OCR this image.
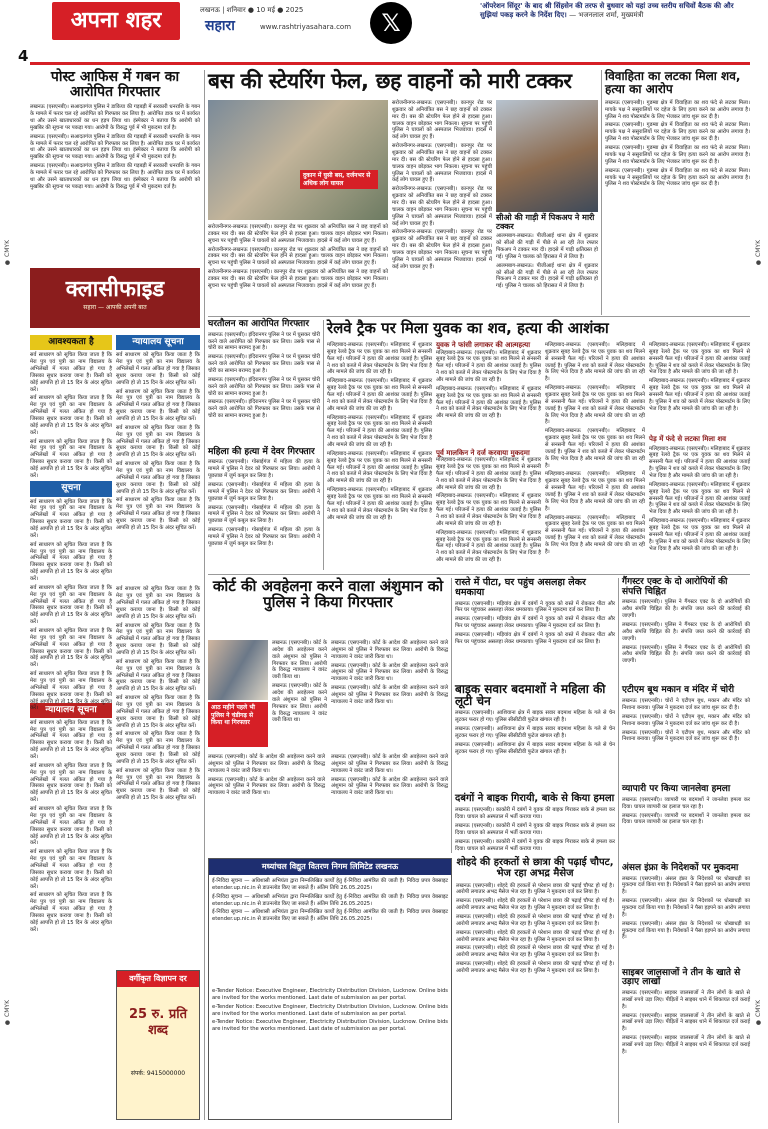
● CMYK
● CMYK
● CMYK
● CMYK
अपना शहर
4
लखनऊ | शनिवार ● 10 मई ● 2025
सहारा	www.rashtriyasahara.com	𝕏
'ऑपरेशन सिंदूर' के बाद श्री सिंहसेन की तरफ से बुधवार को यहां उच्च स्तरीय सचिवों बैठक की और सुझियां पकड़ करने के निर्देश दिए। — भजनलाल शर्मा, मुख्यमंत्री
पोस्ट आफिस में गबन का आरोपित गिरफ्तार

लखनऊ (एसएनबी)। सआदतगंज पुलिस ने डाकिया की गड़बड़ी में सरकारी धनराशि के गबन के मामले में फरार चल रहे आरोपित को गिरफ्तार कर लिया है। आरोपित डाक घर में कार्यरत था और उसने खाताधारकों का धन हड़प लिया था। इंस्पेक्टर ने बताया कि आरोपी को मुखबिर की सूचना पर पकड़ा गया। आरोपी के विरुद्ध पूर्व में भी मुकदमा दर्ज है।

लखनऊ (एसएनबी)। सआदतगंज पुलिस ने डाकिया की गड़बड़ी में सरकारी धनराशि के गबन के मामले में फरार चल रहे आरोपित को गिरफ्तार कर लिया है। आरोपित डाक घर में कार्यरत था और उसने खाताधारकों का धन हड़प लिया था। इंस्पेक्टर ने बताया कि आरोपी को मुखबिर की सूचना पर पकड़ा गया। आरोपी के विरुद्ध पूर्व में भी मुकदमा दर्ज है।

लखनऊ (एसएनबी)। सआदतगंज पुलिस ने डाकिया की गड़बड़ी में सरकारी धनराशि के गबन के मामले में फरार चल रहे आरोपित को गिरफ्तार कर लिया है। आरोपित डाक घर में कार्यरत था और उसने खाताधारकों का धन हड़प लिया था। इंस्पेक्टर ने बताया कि आरोपी को मुखबिर की सूचना पर पकड़ा गया। आरोपी के विरुद्ध पूर्व में भी मुकदमा दर्ज है।

क्लासीफाइड
सहारा — आपकी अपनी बात
आवश्यकता है

सर्व साधारण को सूचित किया जाता है कि मेरा पुत्र एवं पुत्री का नाम विद्यालय के अभिलेखों में गलत अंकित हो गया है जिसका सुधार कराया जाना है। किसी को कोई आपत्ति हो तो 15 दिन के अंदर सूचित करें।

सर्व साधारण को सूचित किया जाता है कि मेरा पुत्र एवं पुत्री का नाम विद्यालय के अभिलेखों में गलत अंकित हो गया है जिसका सुधार कराया जाना है। किसी को कोई आपत्ति हो तो 15 दिन के अंदर सूचित करें।

सर्व साधारण को सूचित किया जाता है कि मेरा पुत्र एवं पुत्री का नाम विद्यालय के अभिलेखों में गलत अंकित हो गया है जिसका सुधार कराया जाना है। किसी को कोई आपत्ति हो तो 15 दिन के अंदर सूचित करें।

सूचना

सर्व साधारण को सूचित किया जाता है कि मेरा पुत्र एवं पुत्री का नाम विद्यालय के अभिलेखों में गलत अंकित हो गया है जिसका सुधार कराया जाना है। किसी को कोई आपत्ति हो तो 15 दिन के अंदर सूचित करें।

सर्व साधारण को सूचित किया जाता है कि मेरा पुत्र एवं पुत्री का नाम विद्यालय के अभिलेखों में गलत अंकित हो गया है जिसका सुधार कराया जाना है। किसी को कोई आपत्ति हो तो 15 दिन के अंदर सूचित करें।

सर्व साधारण को सूचित किया जाता है कि मेरा पुत्र एवं पुत्री का नाम विद्यालय के अभिलेखों में गलत अंकित हो गया है जिसका सुधार कराया जाना है। किसी को कोई आपत्ति हो तो 15 दिन के अंदर सूचित करें।

सर्व साधारण को सूचित किया जाता है कि मेरा पुत्र एवं पुत्री का नाम विद्यालय के अभिलेखों में गलत अंकित हो गया है जिसका सुधार कराया जाना है। किसी को कोई आपत्ति हो तो 15 दिन के अंदर सूचित करें।

सर्व साधारण को सूचित किया जाता है कि मेरा पुत्र एवं पुत्री का नाम विद्यालय के अभिलेखों में गलत अंकित हो गया है जिसका सुधार कराया जाना है। किसी को कोई आपत्ति हो तो 15 दिन के अंदर सूचित करें। न्यायालय सूचना

सर्व साधारण को सूचित किया जाता है कि मेरा पुत्र एवं पुत्री का नाम विद्यालय के अभिलेखों में गलत अंकित हो गया है जिसका सुधार कराया जाना है। किसी को कोई आपत्ति हो तो 15 दिन के अंदर सूचित करें।

सर्व साधारण को सूचित किया जाता है कि मेरा पुत्र एवं पुत्री का नाम विद्यालय के अभिलेखों में गलत अंकित हो गया है जिसका सुधार कराया जाना है। किसी को कोई आपत्ति हो तो 15 दिन के अंदर सूचित करें।

सर्व साधारण को सूचित किया जाता है कि मेरा पुत्र एवं पुत्री का नाम विद्यालय के अभिलेखों में गलत अंकित हो गया है जिसका सुधार कराया जाना है। किसी को कोई आपत्ति हो तो 15 दिन के अंदर सूचित करें।

सर्व साधारण को सूचित किया जाता है कि मेरा पुत्र एवं पुत्री का नाम विद्यालय के अभिलेखों में गलत अंकित हो गया है जिसका सुधार कराया जाना है। किसी को कोई आपत्ति हो तो 15 दिन के अंदर सूचित करें।

सर्व साधारण को सूचित किया जाता है कि मेरा पुत्र एवं पुत्री का नाम विद्यालय के अभिलेखों में गलत अंकित हो गया है जिसका सुधार कराया जाना है। किसी को कोई आपत्ति हो तो 15 दिन के अंदर सूचित करें।

न्यायालय सूचना

सर्व साधारण को सूचित किया जाता है कि मेरा पुत्र एवं पुत्री का नाम विद्यालय के अभिलेखों में गलत अंकित हो गया है जिसका सुधार कराया जाना है। किसी को कोई आपत्ति हो तो 15 दिन के अंदर सूचित करें।

सर्व साधारण को सूचित किया जाता है कि मेरा पुत्र एवं पुत्री का नाम विद्यालय के अभिलेखों में गलत अंकित हो गया है जिसका सुधार कराया जाना है। किसी को कोई आपत्ति हो तो 15 दिन के अंदर सूचित करें।

सर्व साधारण को सूचित किया जाता है कि मेरा पुत्र एवं पुत्री का नाम विद्यालय के अभिलेखों में गलत अंकित हो गया है जिसका सुधार कराया जाना है। किसी को कोई आपत्ति हो तो 15 दिन के अंदर सूचित करें।

सर्व साधारण को सूचित किया जाता है कि मेरा पुत्र एवं पुत्री का नाम विद्यालय के अभिलेखों में गलत अंकित हो गया है जिसका सुधार कराया जाना है। किसी को कोई आपत्ति हो तो 15 दिन के अंदर सूचित करें।

सर्व साधारण को सूचित किया जाता है कि मेरा पुत्र एवं पुत्री का नाम विद्यालय के अभिलेखों में गलत अंकित हो गया है जिसका सुधार कराया जाना है। किसी को कोई आपत्ति हो तो 15 दिन के अंदर सूचित करें।

सर्व साधारण को सूचित किया जाता है कि मेरा पुत्र एवं पुत्री का नाम विद्यालय के अभिलेखों में गलत अंकित हो गया है जिसका सुधार कराया जाना है। किसी को कोई आपत्ति हो तो 15 दिन के अंदर सूचित करें।

सर्व साधारण को सूचित किया जाता है कि मेरा पुत्र एवं पुत्री का नाम विद्यालय के अभिलेखों में गलत अंकित हो गया है जिसका सुधार कराया जाना है। किसी को कोई आपत्ति हो तो 15 दिन के अंदर सूचित करें।

सर्व साधारण को सूचित किया जाता है कि मेरा पुत्र एवं पुत्री का नाम विद्यालय के अभिलेखों में गलत अंकित हो गया है जिसका सुधार कराया जाना है। किसी को कोई आपत्ति हो तो 15 दिन के अंदर सूचित करें।

सर्व साधारण को सूचित किया जाता है कि मेरा पुत्र एवं पुत्री का नाम विद्यालय के अभिलेखों में गलत अंकित हो गया है जिसका सुधार कराया जाना है। किसी को कोई आपत्ति हो तो 15 दिन के अंदर सूचित करें।

सर्व साधारण को सूचित किया जाता है कि मेरा पुत्र एवं पुत्री का नाम विद्यालय के अभिलेखों में गलत अंकित हो गया है जिसका सुधार कराया जाना है। किसी को कोई आपत्ति हो तो 15 दिन के अंदर सूचित करें।

सर्व साधारण को सूचित किया जाता है कि मेरा पुत्र एवं पुत्री का नाम विद्यालय के अभिलेखों में गलत अंकित हो गया है जिसका सुधार कराया जाना है। किसी को कोई आपत्ति हो तो 15 दिन के अंदर सूचित करें।

वर्गीकृत विज्ञापन दर
25 रु. प्रति शब्द
संपर्क: 9415000000
बस की स्टेयरिंग फेल, छह वाहनों को मारी टक्कर
दुकान में घुसी बस, दर्जनभर से अधिक लोग घायल

सरोजनीनगर-लखनऊ (एसएनबी)। कानपुर रोड पर शुक्रवार को अनियंत्रित बस ने छह वाहनों को टक्कर मार दी। बस की स्टेयरिंग फेल होने से हादसा हुआ। चालक वाहन छोड़कर भाग निकला। सूचना पर पहुंची पुलिस ने घायलों को अस्पताल भिजवाया। हादसे में कई लोग घायल हुए हैं।

सरोजनीनगर-लखनऊ (एसएनबी)। कानपुर रोड पर शुक्रवार को अनियंत्रित बस ने छह वाहनों को टक्कर मार दी। बस की स्टेयरिंग फेल होने से हादसा हुआ। चालक वाहन छोड़कर भाग निकला। सूचना पर पहुंची पुलिस ने घायलों को अस्पताल भिजवाया। हादसे में कई लोग घायल हुए हैं।

सरोजनीनगर-लखनऊ (एसएनबी)। कानपुर रोड पर शुक्रवार को अनियंत्रित बस ने छह वाहनों को टक्कर मार दी। बस की स्टेयरिंग फेल होने से हादसा हुआ। चालक वाहन छोड़कर भाग निकला। सूचना पर पहुंची पुलिस ने घायलों को अस्पताल भिजवाया। हादसे में कई लोग घायल हुए हैं।

सरोजनीनगर-लखनऊ (एसएनबी)। कानपुर रोड पर शुक्रवार को अनियंत्रित बस ने छह वाहनों को टक्कर मार दी। बस की स्टेयरिंग फेल होने से हादसा हुआ। चालक वाहन छोड़कर भाग निकला। सूचना पर पहुंची पुलिस ने घायलों को अस्पताल भिजवाया। हादसे में कई लोग घायल हुए हैं।

सरोजनीनगर-लखनऊ (एसएनबी)। कानपुर रोड पर शुक्रवार को अनियंत्रित बस ने छह वाहनों को टक्कर मार दी। बस की स्टेयरिंग फेल होने से हादसा हुआ। चालक वाहन छोड़कर भाग निकला। सूचना पर पहुंची पुलिस ने घायलों को अस्पताल भिजवाया। हादसे में कई लोग घायल हुए हैं।

सरोजनीनगर-लखनऊ (एसएनबी)। कानपुर रोड पर शुक्रवार को अनियंत्रित बस ने छह वाहनों को टक्कर मार दी। बस की स्टेयरिंग फेल होने से हादसा हुआ। चालक वाहन छोड़कर भाग निकला। सूचना पर पहुंची पुलिस ने घायलों को अस्पताल भिजवाया। हादसे में कई लोग घायल हुए हैं।

सरोजनीनगर-लखनऊ (एसएनबी)। कानपुर रोड पर शुक्रवार को अनियंत्रित बस ने छह वाहनों को टक्कर मार दी। बस की स्टेयरिंग फेल होने से हादसा हुआ। चालक वाहन छोड़कर भाग निकला। सूचना पर पहुंची पुलिस ने घायलों को अस्पताल भिजवाया। हादसे में कई लोग घायल हुए हैं।

सीओ की गाड़ी में पिकअप ने मारी टक्कर

आलमबाग-लखनऊ। पीजीआई थाना क्षेत्र में शुक्रवार को सीओ की गाड़ी में पीछे से आ रही तेज रफ्तार पिकअप ने टक्कर मार दी। हादसे में गाड़ी क्षतिग्रस्त हो गई। पुलिस ने चालक को हिरासत में ले लिया है।

आलमबाग-लखनऊ। पीजीआई थाना क्षेत्र में शुक्रवार को सीओ की गाड़ी में पीछे से आ रही तेज रफ्तार पिकअप ने टक्कर मार दी। हादसे में गाड़ी क्षतिग्रस्त हो गई। पुलिस ने चालक को हिरासत में ले लिया है।

विवाहिता का लटका मिला शव, हत्या का आरोप

लखनऊ (एसएनबी)। गुडम्बा क्षेत्र में विवाहिता का शव फंदे से लटका मिला। मायके पक्ष ने ससुरालियों पर दहेज के लिए हत्या करने का आरोप लगाया है। पुलिस ने शव पोस्टमार्टम के लिए भेजकर जांच शुरू कर दी है।

लखनऊ (एसएनबी)। गुडम्बा क्षेत्र में विवाहिता का शव फंदे से लटका मिला। मायके पक्ष ने ससुरालियों पर दहेज के लिए हत्या करने का आरोप लगाया है। पुलिस ने शव पोस्टमार्टम के लिए भेजकर जांच शुरू कर दी है।

लखनऊ (एसएनबी)। गुडम्बा क्षेत्र में विवाहिता का शव फंदे से लटका मिला। मायके पक्ष ने ससुरालियों पर दहेज के लिए हत्या करने का आरोप लगाया है। पुलिस ने शव पोस्टमार्टम के लिए भेजकर जांच शुरू कर दी है।

लखनऊ (एसएनबी)। गुडम्बा क्षेत्र में विवाहिता का शव फंदे से लटका मिला। मायके पक्ष ने ससुरालियों पर दहेज के लिए हत्या करने का आरोप लगाया है। पुलिस ने शव पोस्टमार्टम के लिए भेजकर जांच शुरू कर दी है।

घरतौलन का आरोपित गिरफ्तार

लखनऊ (एसएनबी)। इंदिरानगर पुलिस ने घर में घुसकर चोरी करने वाले आरोपित को गिरफ्तार कर लिया। उसके पास से चोरी का सामान बरामद हुआ है।

लखनऊ (एसएनबी)। इंदिरानगर पुलिस ने घर में घुसकर चोरी करने वाले आरोपित को गिरफ्तार कर लिया। उसके पास से चोरी का सामान बरामद हुआ है।

लखनऊ (एसएनबी)। इंदिरानगर पुलिस ने घर में घुसकर चोरी करने वाले आरोपित को गिरफ्तार कर लिया। उसके पास से चोरी का सामान बरामद हुआ है।

लखनऊ (एसएनबी)। इंदिरानगर पुलिस ने घर में घुसकर चोरी करने वाले आरोपित को गिरफ्तार कर लिया। उसके पास से चोरी का सामान बरामद हुआ है।

महिला की हत्या में देवर गिरफ्तार

लखनऊ (एसएनबी)। गोसाईगंज में महिला की हत्या के मामले में पुलिस ने देवर को गिरफ्तार कर लिया। आरोपी ने पूछताछ में जुर्म कबूल कर लिया है।

लखनऊ (एसएनबी)। गोसाईगंज में महिला की हत्या के मामले में पुलिस ने देवर को गिरफ्तार कर लिया। आरोपी ने पूछताछ में जुर्म कबूल कर लिया है।

लखनऊ (एसएनबी)। गोसाईगंज में महिला की हत्या के मामले में पुलिस ने देवर को गिरफ्तार कर लिया। आरोपी ने पूछताछ में जुर्म कबूल कर लिया है।

लखनऊ (एसएनबी)। गोसाईगंज में महिला की हत्या के मामले में पुलिस ने देवर को गिरफ्तार कर लिया। आरोपी ने पूछताछ में जुर्म कबूल कर लिया है।

रेलवे ट्रैक पर मिला युवक का शव, हत्या की आशंका

मलिहाबाद-लखनऊ (एसएनबी)। मलिहाबाद में शुक्रवार सुबह रेलवे ट्रैक पर एक युवक का शव मिलने से सनसनी फैल गई। परिजनों ने हत्या की आशंका जताई है। पुलिस ने शव को कब्जे में लेकर पोस्टमार्टम के लिए भेज दिया है और मामले की जांच की जा रही है।

मलिहाबाद-लखनऊ (एसएनबी)। मलिहाबाद में शुक्रवार सुबह रेलवे ट्रैक पर एक युवक का शव मिलने से सनसनी फैल गई। परिजनों ने हत्या की आशंका जताई है। पुलिस ने शव को कब्जे में लेकर पोस्टमार्टम के लिए भेज दिया है और मामले की जांच की जा रही है।

मलिहाबाद-लखनऊ (एसएनबी)। मलिहाबाद में शुक्रवार सुबह रेलवे ट्रैक पर एक युवक का शव मिलने से सनसनी फैल गई। परिजनों ने हत्या की आशंका जताई है। पुलिस ने शव को कब्जे में लेकर पोस्टमार्टम के लिए भेज दिया है और मामले की जांच की जा रही है।

मलिहाबाद-लखनऊ (एसएनबी)। मलिहाबाद में शुक्रवार सुबह रेलवे ट्रैक पर एक युवक का शव मिलने से सनसनी फैल गई। परिजनों ने हत्या की आशंका जताई है। पुलिस ने शव को कब्जे में लेकर पोस्टमार्टम के लिए भेज दिया है और मामले की जांच की जा रही है।

मलिहाबाद-लखनऊ (एसएनबी)। मलिहाबाद में शुक्रवार सुबह रेलवे ट्रैक पर एक युवक का शव मिलने से सनसनी फैल गई। परिजनों ने हत्या की आशंका जताई है। पुलिस ने शव को कब्जे में लेकर पोस्टमार्टम के लिए भेज दिया है और मामले की जांच की जा रही है।

युवक ने फांसी लगाकर की आत्महत्या

मलिहाबाद-लखनऊ (एसएनबी)। मलिहाबाद में शुक्रवार सुबह रेलवे ट्रैक पर एक युवक का शव मिलने से सनसनी फैल गई। परिजनों ने हत्या की आशंका जताई है। पुलिस ने शव को कब्जे में लेकर पोस्टमार्टम के लिए भेज दिया है और मामले की जांच की जा रही है।

मलिहाबाद-लखनऊ (एसएनबी)। मलिहाबाद में शुक्रवार सुबह रेलवे ट्रैक पर एक युवक का शव मिलने से सनसनी फैल गई। परिजनों ने हत्या की आशंका जताई है। पुलिस ने शव को कब्जे में लेकर पोस्टमार्टम के लिए भेज दिया है और मामले की जांच की जा रही है।

पूर्व मालकिन ने दर्ज करवाया मुकदमा

मलिहाबाद-लखनऊ (एसएनबी)। मलिहाबाद में शुक्रवार सुबह रेलवे ट्रैक पर एक युवक का शव मिलने से सनसनी फैल गई। परिजनों ने हत्या की आशंका जताई है। पुलिस ने शव को कब्जे में लेकर पोस्टमार्टम के लिए भेज दिया है और मामले की जांच की जा रही है।

मलिहाबाद-लखनऊ (एसएनबी)। मलिहाबाद में शुक्रवार सुबह रेलवे ट्रैक पर एक युवक का शव मिलने से सनसनी फैल गई। परिजनों ने हत्या की आशंका जताई है। पुलिस ने शव को कब्जे में लेकर पोस्टमार्टम के लिए भेज दिया है और मामले की जांच की जा रही है।

मलिहाबाद-लखनऊ (एसएनबी)। मलिहाबाद में शुक्रवार सुबह रेलवे ट्रैक पर एक युवक का शव मिलने से सनसनी फैल गई। परिजनों ने हत्या की आशंका जताई है। पुलिस ने शव को कब्जे में लेकर पोस्टमार्टम के लिए भेज दिया है और मामले की जांच की जा रही है।

मलिहाबाद-लखनऊ (एसएनबी)। मलिहाबाद में शुक्रवार सुबह रेलवे ट्रैक पर एक युवक का शव मिलने से सनसनी फैल गई। परिजनों ने हत्या की आशंका जताई है। पुलिस ने शव को कब्जे में लेकर पोस्टमार्टम के लिए भेज दिया है और मामले की जांच की जा रही है।

मलिहाबाद-लखनऊ (एसएनबी)। मलिहाबाद में शुक्रवार सुबह रेलवे ट्रैक पर एक युवक का शव मिलने से सनसनी फैल गई। परिजनों ने हत्या की आशंका जताई है। पुलिस ने शव को कब्जे में लेकर पोस्टमार्टम के लिए भेज दिया है और मामले की जांच की जा रही है।

मलिहाबाद-लखनऊ (एसएनबी)। मलिहाबाद में शुक्रवार सुबह रेलवे ट्रैक पर एक युवक का शव मिलने से सनसनी फैल गई। परिजनों ने हत्या की आशंका जताई है। पुलिस ने शव को कब्जे में लेकर पोस्टमार्टम के लिए भेज दिया है और मामले की जांच की जा रही है।

मलिहाबाद-लखनऊ (एसएनबी)। मलिहाबाद में शुक्रवार सुबह रेलवे ट्रैक पर एक युवक का शव मिलने से सनसनी फैल गई। परिजनों ने हत्या की आशंका जताई है। पुलिस ने शव को कब्जे में लेकर पोस्टमार्टम के लिए भेज दिया है और मामले की जांच की जा रही है।

मलिहाबाद-लखनऊ (एसएनबी)। मलिहाबाद में शुक्रवार सुबह रेलवे ट्रैक पर एक युवक का शव मिलने से सनसनी फैल गई। परिजनों ने हत्या की आशंका जताई है। पुलिस ने शव को कब्जे में लेकर पोस्टमार्टम के लिए भेज दिया है और मामले की जांच की जा रही है।

मलिहाबाद-लखनऊ (एसएनबी)। मलिहाबाद में शुक्रवार सुबह रेलवे ट्रैक पर एक युवक का शव मिलने से सनसनी फैल गई। परिजनों ने हत्या की आशंका जताई है। पुलिस ने शव को कब्जे में लेकर पोस्टमार्टम के लिए भेज दिया है और मामले की जांच की जा रही है।

मलिहाबाद-लखनऊ (एसएनबी)। मलिहाबाद में शुक्रवार सुबह रेलवे ट्रैक पर एक युवक का शव मिलने से सनसनी फैल गई। परिजनों ने हत्या की आशंका जताई है। पुलिस ने शव को कब्जे में लेकर पोस्टमार्टम के लिए भेज दिया है और मामले की जांच की जा रही है।

पेड़ में फंदे से लटका मिला शव

मलिहाबाद-लखनऊ (एसएनबी)। मलिहाबाद में शुक्रवार सुबह रेलवे ट्रैक पर एक युवक का शव मिलने से सनसनी फैल गई। परिजनों ने हत्या की आशंका जताई है। पुलिस ने शव को कब्जे में लेकर पोस्टमार्टम के लिए भेज दिया है और मामले की जांच की जा रही है।

मलिहाबाद-लखनऊ (एसएनबी)। मलिहाबाद में शुक्रवार सुबह रेलवे ट्रैक पर एक युवक का शव मिलने से सनसनी फैल गई। परिजनों ने हत्या की आशंका जताई है। पुलिस ने शव को कब्जे में लेकर पोस्टमार्टम के लिए भेज दिया है और मामले की जांच की जा रही है।

मलिहाबाद-लखनऊ (एसएनबी)। मलिहाबाद में शुक्रवार सुबह रेलवे ट्रैक पर एक युवक का शव मिलने से सनसनी फैल गई। परिजनों ने हत्या की आशंका जताई है। पुलिस ने शव को कब्जे में लेकर पोस्टमार्टम के लिए भेज दिया है और मामले की जांच की जा रही है।

कोर्ट की अवहेलना करने वाला अंशुमान को पुलिस ने किया गिरफ्तार
आठ महीने पहले भी पुलिस ने चंडीगढ़ से किया था गिरफ्तार

लखनऊ (एसएनबी)। कोर्ट के आदेश की अवहेलना करने वाले अंशुमान को पुलिस ने गिरफ्तार कर लिया। आरोपी के विरुद्ध न्यायालय ने वारंट जारी किया था।

लखनऊ (एसएनबी)। कोर्ट के आदेश की अवहेलना करने वाले अंशुमान को पुलिस ने गिरफ्तार कर लिया। आरोपी के विरुद्ध न्यायालय ने वारंट जारी किया था।

लखनऊ (एसएनबी)। कोर्ट के आदेश की अवहेलना करने वाले अंशुमान को पुलिस ने गिरफ्तार कर लिया। आरोपी के विरुद्ध न्यायालय ने वारंट जारी किया था।

लखनऊ (एसएनबी)। कोर्ट के आदेश की अवहेलना करने वाले अंशुमान को पुलिस ने गिरफ्तार कर लिया। आरोपी के विरुद्ध न्यायालय ने वारंट जारी किया था।

लखनऊ (एसएनबी)। कोर्ट के आदेश की अवहेलना करने वाले अंशुमान को पुलिस ने गिरफ्तार कर लिया। आरोपी के विरुद्ध न्यायालय ने वारंट जारी किया था।

लखनऊ (एसएनबी)। कोर्ट के आदेश की अवहेलना करने वाले अंशुमान को पुलिस ने गिरफ्तार कर लिया। आरोपी के विरुद्ध न्यायालय ने वारंट जारी किया था।

लखनऊ (एसएनबी)। कोर्ट के आदेश की अवहेलना करने वाले अंशुमान को पुलिस ने गिरफ्तार कर लिया। आरोपी के विरुद्ध न्यायालय ने वारंट जारी किया था।

लखनऊ (एसएनबी)। कोर्ट के आदेश की अवहेलना करने वाले अंशुमान को पुलिस ने गिरफ्तार कर लिया। आरोपी के विरुद्ध न्यायालय ने वारंट जारी किया था।

लखनऊ (एसएनबी)। कोर्ट के आदेश की अवहेलना करने वाले अंशुमान को पुलिस ने गिरफ्तार कर लिया। आरोपी के विरुद्ध न्यायालय ने वारंट जारी किया था।

रास्ते में पीटा, घर पहुंच असलहा लेकर धमकाया

लखनऊ (एसएनबी)। मड़ियांव क्षेत्र में दबंगों ने युवक को रास्ते में रोककर पीटा और फिर घर पहुंचकर असलहा लेकर धमकाया। पुलिस ने मुकदमा दर्ज कर लिया है।

लखनऊ (एसएनबी)। मड़ियांव क्षेत्र में दबंगों ने युवक को रास्ते में रोककर पीटा और फिर घर पहुंचकर असलहा लेकर धमकाया। पुलिस ने मुकदमा दर्ज कर लिया है।

लखनऊ (एसएनबी)। मड़ियांव क्षेत्र में दबंगों ने युवक को रास्ते में रोककर पीटा और फिर घर पहुंचकर असलहा लेकर धमकाया। पुलिस ने मुकदमा दर्ज कर लिया है।

बाइक सवार बदमाशों ने महिला की लूटी चेन

लखनऊ (एसएनबी)। आशियाना क्षेत्र में बाइक सवार बदमाश महिला के गले से चेन लूटकर फरार हो गए। पुलिस सीसीटीवी फुटेज खंगाल रही है।

लखनऊ (एसएनबी)। आशियाना क्षेत्र में बाइक सवार बदमाश महिला के गले से चेन लूटकर फरार हो गए। पुलिस सीसीटीवी फुटेज खंगाल रही है।

लखनऊ (एसएनबी)। आशियाना क्षेत्र में बाइक सवार बदमाश महिला के गले से चेन लूटकर फरार हो गए। पुलिस सीसीटीवी फुटेज खंगाल रही है।

दबंगों ने बाइक गिरायी, बाके से किया हमला

लखनऊ (एसएनबी)। काकोरी में दबंगों ने युवक की बाइक गिराकर बाके से हमला कर दिया। घायल को अस्पताल में भर्ती कराया गया।

लखनऊ (एसएनबी)। काकोरी में दबंगों ने युवक की बाइक गिराकर बाके से हमला कर दिया। घायल को अस्पताल में भर्ती कराया गया।

लखनऊ (एसएनबी)। काकोरी में दबंगों ने युवक की बाइक गिराकर बाके से हमला कर दिया। घायल को अस्पताल में भर्ती कराया गया।

गैंगस्टर एक्ट के दो आरोपियों की संपत्ति चिह्नित

लखनऊ (एसएनबी)। पुलिस ने गैंगस्टर एक्ट के दो आरोपियों की अवैध संपत्ति चिह्नित की है। संपत्ति जब्त करने की कार्रवाई की जाएगी।

लखनऊ (एसएनबी)। पुलिस ने गैंगस्टर एक्ट के दो आरोपियों की अवैध संपत्ति चिह्नित की है। संपत्ति जब्त करने की कार्रवाई की जाएगी।

लखनऊ (एसएनबी)। पुलिस ने गैंगस्टर एक्ट के दो आरोपियों की अवैध संपत्ति चिह्नित की है। संपत्ति जब्त करने की कार्रवाई की जाएगी।

एटीएम बूथ मकान व मंदिर में चोरी

लखनऊ (एसएनबी)। चोरों ने एटीएम बूथ, मकान और मंदिर को निशाना बनाया। पुलिस ने मुकदमा दर्ज कर जांच शुरू कर दी है।

लखनऊ (एसएनबी)। चोरों ने एटीएम बूथ, मकान और मंदिर को निशाना बनाया। पुलिस ने मुकदमा दर्ज कर जांच शुरू कर दी है।

लखनऊ (एसएनबी)। चोरों ने एटीएम बूथ, मकान और मंदिर को निशाना बनाया। पुलिस ने मुकदमा दर्ज कर जांच शुरू कर दी है।

व्यापारी पर किया जानलेवा हमला

लखनऊ (एसएनबी)। व्यापारी पर बदमाशों ने जानलेवा हमला कर दिया। घायल व्यापारी का इलाज चल रहा है।

लखनऊ (एसएनबी)। व्यापारी पर बदमाशों ने जानलेवा हमला कर दिया। घायल व्यापारी का इलाज चल रहा है।

अंसल इंफ्रा के निदेशकों पर मुकदमा

लखनऊ (एसएनबी)। अंसल इंफ्रा के निदेशकों पर धोखाधड़ी का मुकदमा दर्ज किया गया है। निवेशकों ने पैसा हड़पने का आरोप लगाया है।

लखनऊ (एसएनबी)। अंसल इंफ्रा के निदेशकों पर धोखाधड़ी का मुकदमा दर्ज किया गया है। निवेशकों ने पैसा हड़पने का आरोप लगाया है।

लखनऊ (एसएनबी)। अंसल इंफ्रा के निदेशकों पर धोखाधड़ी का मुकदमा दर्ज किया गया है। निवेशकों ने पैसा हड़पने का आरोप लगाया है।

साइबर जालसाजों ने तीन के खाते से उड़ाए लाखों

लखनऊ (एसएनबी)। साइबर जालसाजों ने तीन लोगों के खाते से लाखों रुपये उड़ा लिए। पीड़ितों ने साइबर थाने में शिकायत दर्ज कराई है।

लखनऊ (एसएनबी)। साइबर जालसाजों ने तीन लोगों के खाते से लाखों रुपये उड़ा लिए। पीड़ितों ने साइबर थाने में शिकायत दर्ज कराई है।

लखनऊ (एसएनबी)। साइबर जालसाजों ने तीन लोगों के खाते से लाखों रुपये उड़ा लिए। पीड़ितों ने साइबर थाने में शिकायत दर्ज कराई है।

मध्यांचल विद्युत वितरण निगम लिमिटेड लखनऊ

ई-निविदा सूचना — अधिशासी अभियंता द्वारा निम्नलिखित कार्यों हेतु ई-निविदा आमंत्रित की जाती है। निविदा प्रपत्र वेबसाइट etender.up.nic.in से डाउनलोड किए जा सकते हैं। अंतिम तिथि 26.05.2025।

ई-निविदा सूचना — अधिशासी अभियंता द्वारा निम्नलिखित कार्यों हेतु ई-निविदा आमंत्रित की जाती है। निविदा प्रपत्र वेबसाइट etender.up.nic.in से डाउनलोड किए जा सकते हैं। अंतिम तिथि 26.05.2025।

ई-निविदा सूचना — अधिशासी अभियंता द्वारा निम्नलिखित कार्यों हेतु ई-निविदा आमंत्रित की जाती है। निविदा प्रपत्र वेबसाइट etender.up.nic.in से डाउनलोड किए जा सकते हैं। अंतिम तिथि 26.05.2025।

e-Tender Notice: Executive Engineer, Electricity Distribution Division, Lucknow. Online bids are invited for the works mentioned. Last date of submission as per portal.

e-Tender Notice: Executive Engineer, Electricity Distribution Division, Lucknow. Online bids are invited for the works mentioned. Last date of submission as per portal.

e-Tender Notice: Executive Engineer, Electricity Distribution Division, Lucknow. Online bids are invited for the works mentioned. Last date of submission as per portal.

शोहदे की हरकतों से छात्रा की पढ़ाई चौपट, भेज रहा अभद्र मैसेज

लखनऊ (एसएनबी)। शोहदे की हरकतों से परेशान छात्रा की पढ़ाई चौपट हो गई है। आरोपी लगातार अभद्र मैसेज भेज रहा है। पुलिस ने मुकदमा दर्ज कर लिया है।

लखनऊ (एसएनबी)। शोहदे की हरकतों से परेशान छात्रा की पढ़ाई चौपट हो गई है। आरोपी लगातार अभद्र मैसेज भेज रहा है। पुलिस ने मुकदमा दर्ज कर लिया है।

लखनऊ (एसएनबी)। शोहदे की हरकतों से परेशान छात्रा की पढ़ाई चौपट हो गई है। आरोपी लगातार अभद्र मैसेज भेज रहा है। पुलिस ने मुकदमा दर्ज कर लिया है।

लखनऊ (एसएनबी)। शोहदे की हरकतों से परेशान छात्रा की पढ़ाई चौपट हो गई है। आरोपी लगातार अभद्र मैसेज भेज रहा है। पुलिस ने मुकदमा दर्ज कर लिया है।

लखनऊ (एसएनबी)। शोहदे की हरकतों से परेशान छात्रा की पढ़ाई चौपट हो गई है। आरोपी लगातार अभद्र मैसेज भेज रहा है। पुलिस ने मुकदमा दर्ज कर लिया है।

लखनऊ (एसएनबी)। शोहदे की हरकतों से परेशान छात्रा की पढ़ाई चौपट हो गई है। आरोपी लगातार अभद्र मैसेज भेज रहा है। पुलिस ने मुकदमा दर्ज कर लिया है।
